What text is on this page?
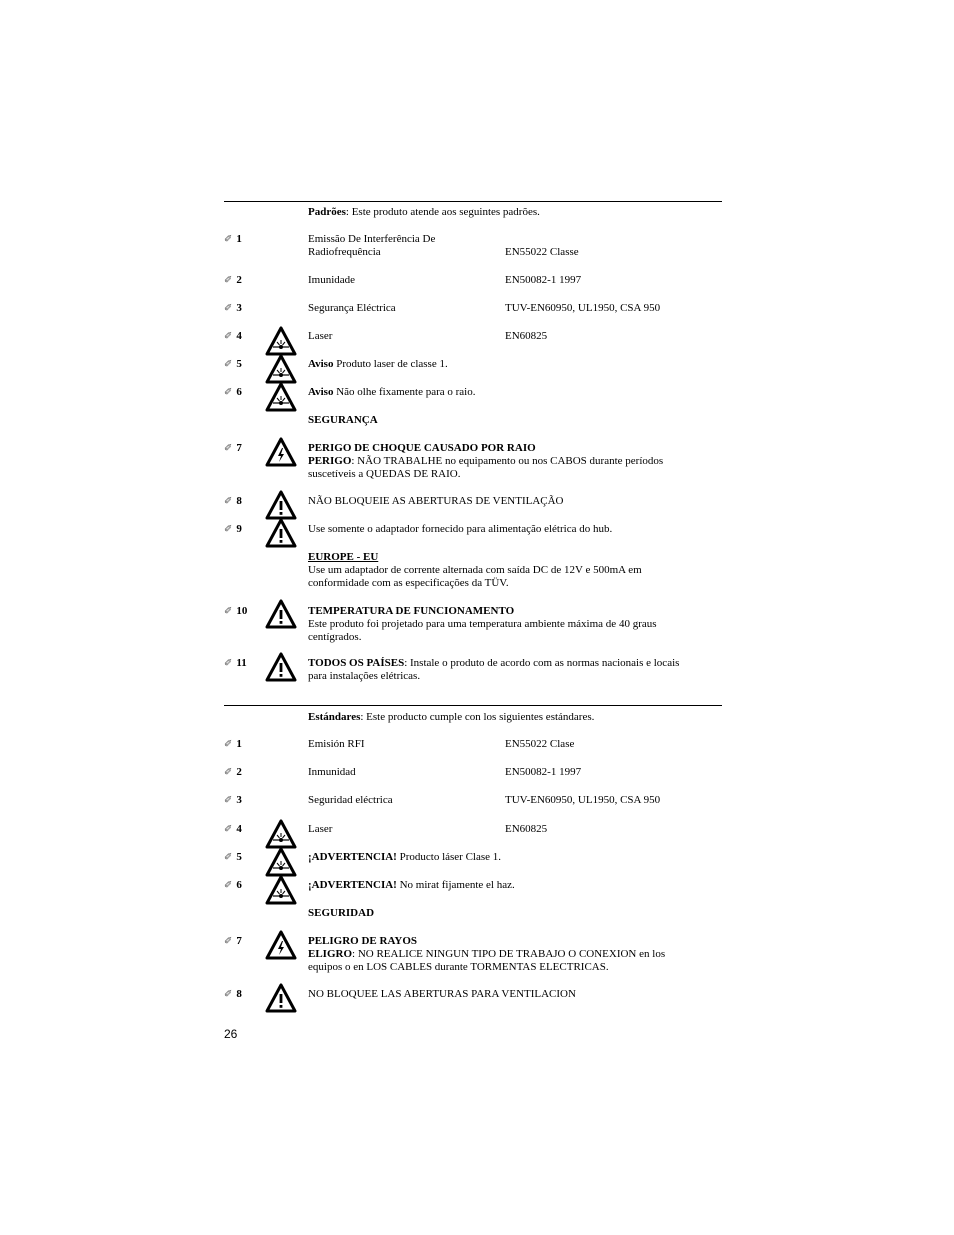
Padrões: Este produto atende aos seguintes padrões.
✐ 1	Emissão De Interferência De
Radiofrequência	EN55022 Classe
✐ 2	Imunidade	EN50082-1 1997
✐ 3	Segurança Eléctrica	TUV-EN60950, UL1950, CSA 950
✐ 4	Laser	EN60825
✐ 5	Aviso Produto laser de classe 1.
✐ 6	Aviso Não olhe fixamente para o raio.
SEGURANÇA
✐ 7	PERIGO DE CHOQUE CAUSADO POR RAIO
PERIGO: NÃO TRABALHE no equipamento ou nos CABOS durante períodos
suscetíveis a QUEDAS DE RAIO.
✐ 8	NÃO BLOQUEIE AS ABERTURAS DE VENTILAÇÃO
✐ 9	Use somente o adaptador fornecido para alimentação elétrica do hub.
EUROPE - EU
Use um adaptador de corrente alternada com saída DC de 12V e 500mA em
conformidade com as especificações da TÜV.
✐ 10	TEMPERATURA DE FUNCIONAMENTO
Este produto foi projetado para uma temperatura ambiente máxima de 40 graus
centígrados.
✐ 11	TODOS OS PAÍSES: Instale o produto de acordo com as normas nacionais e locais
para instalações elétricas.
Estándares: Este producto cumple con los siguientes estándares.
✐ 1	Emisión RFI	EN55022 Clase
✐ 2	Inmunidad	EN50082-1 1997
✐ 3	Seguridad eléctrica	TUV-EN60950, UL1950, CSA 950
✐ 4	Laser	EN60825
✐ 5	¡ADVERTENCIA! Producto láser Clase 1.
✐ 6	¡ADVERTENCIA! No mirat fijamente el haz.
SEGURIDAD
✐ 7	PELIGRO DE RAYOS
ELIGRO: NO REALICE NINGUN TIPO DE TRABAJO O CONEXION en los
equipos o en LOS CABLES durante TORMENTAS ELECTRICAS.
✐ 8	NO BLOQUEE LAS ABERTURAS PARA VENTILACION
26
